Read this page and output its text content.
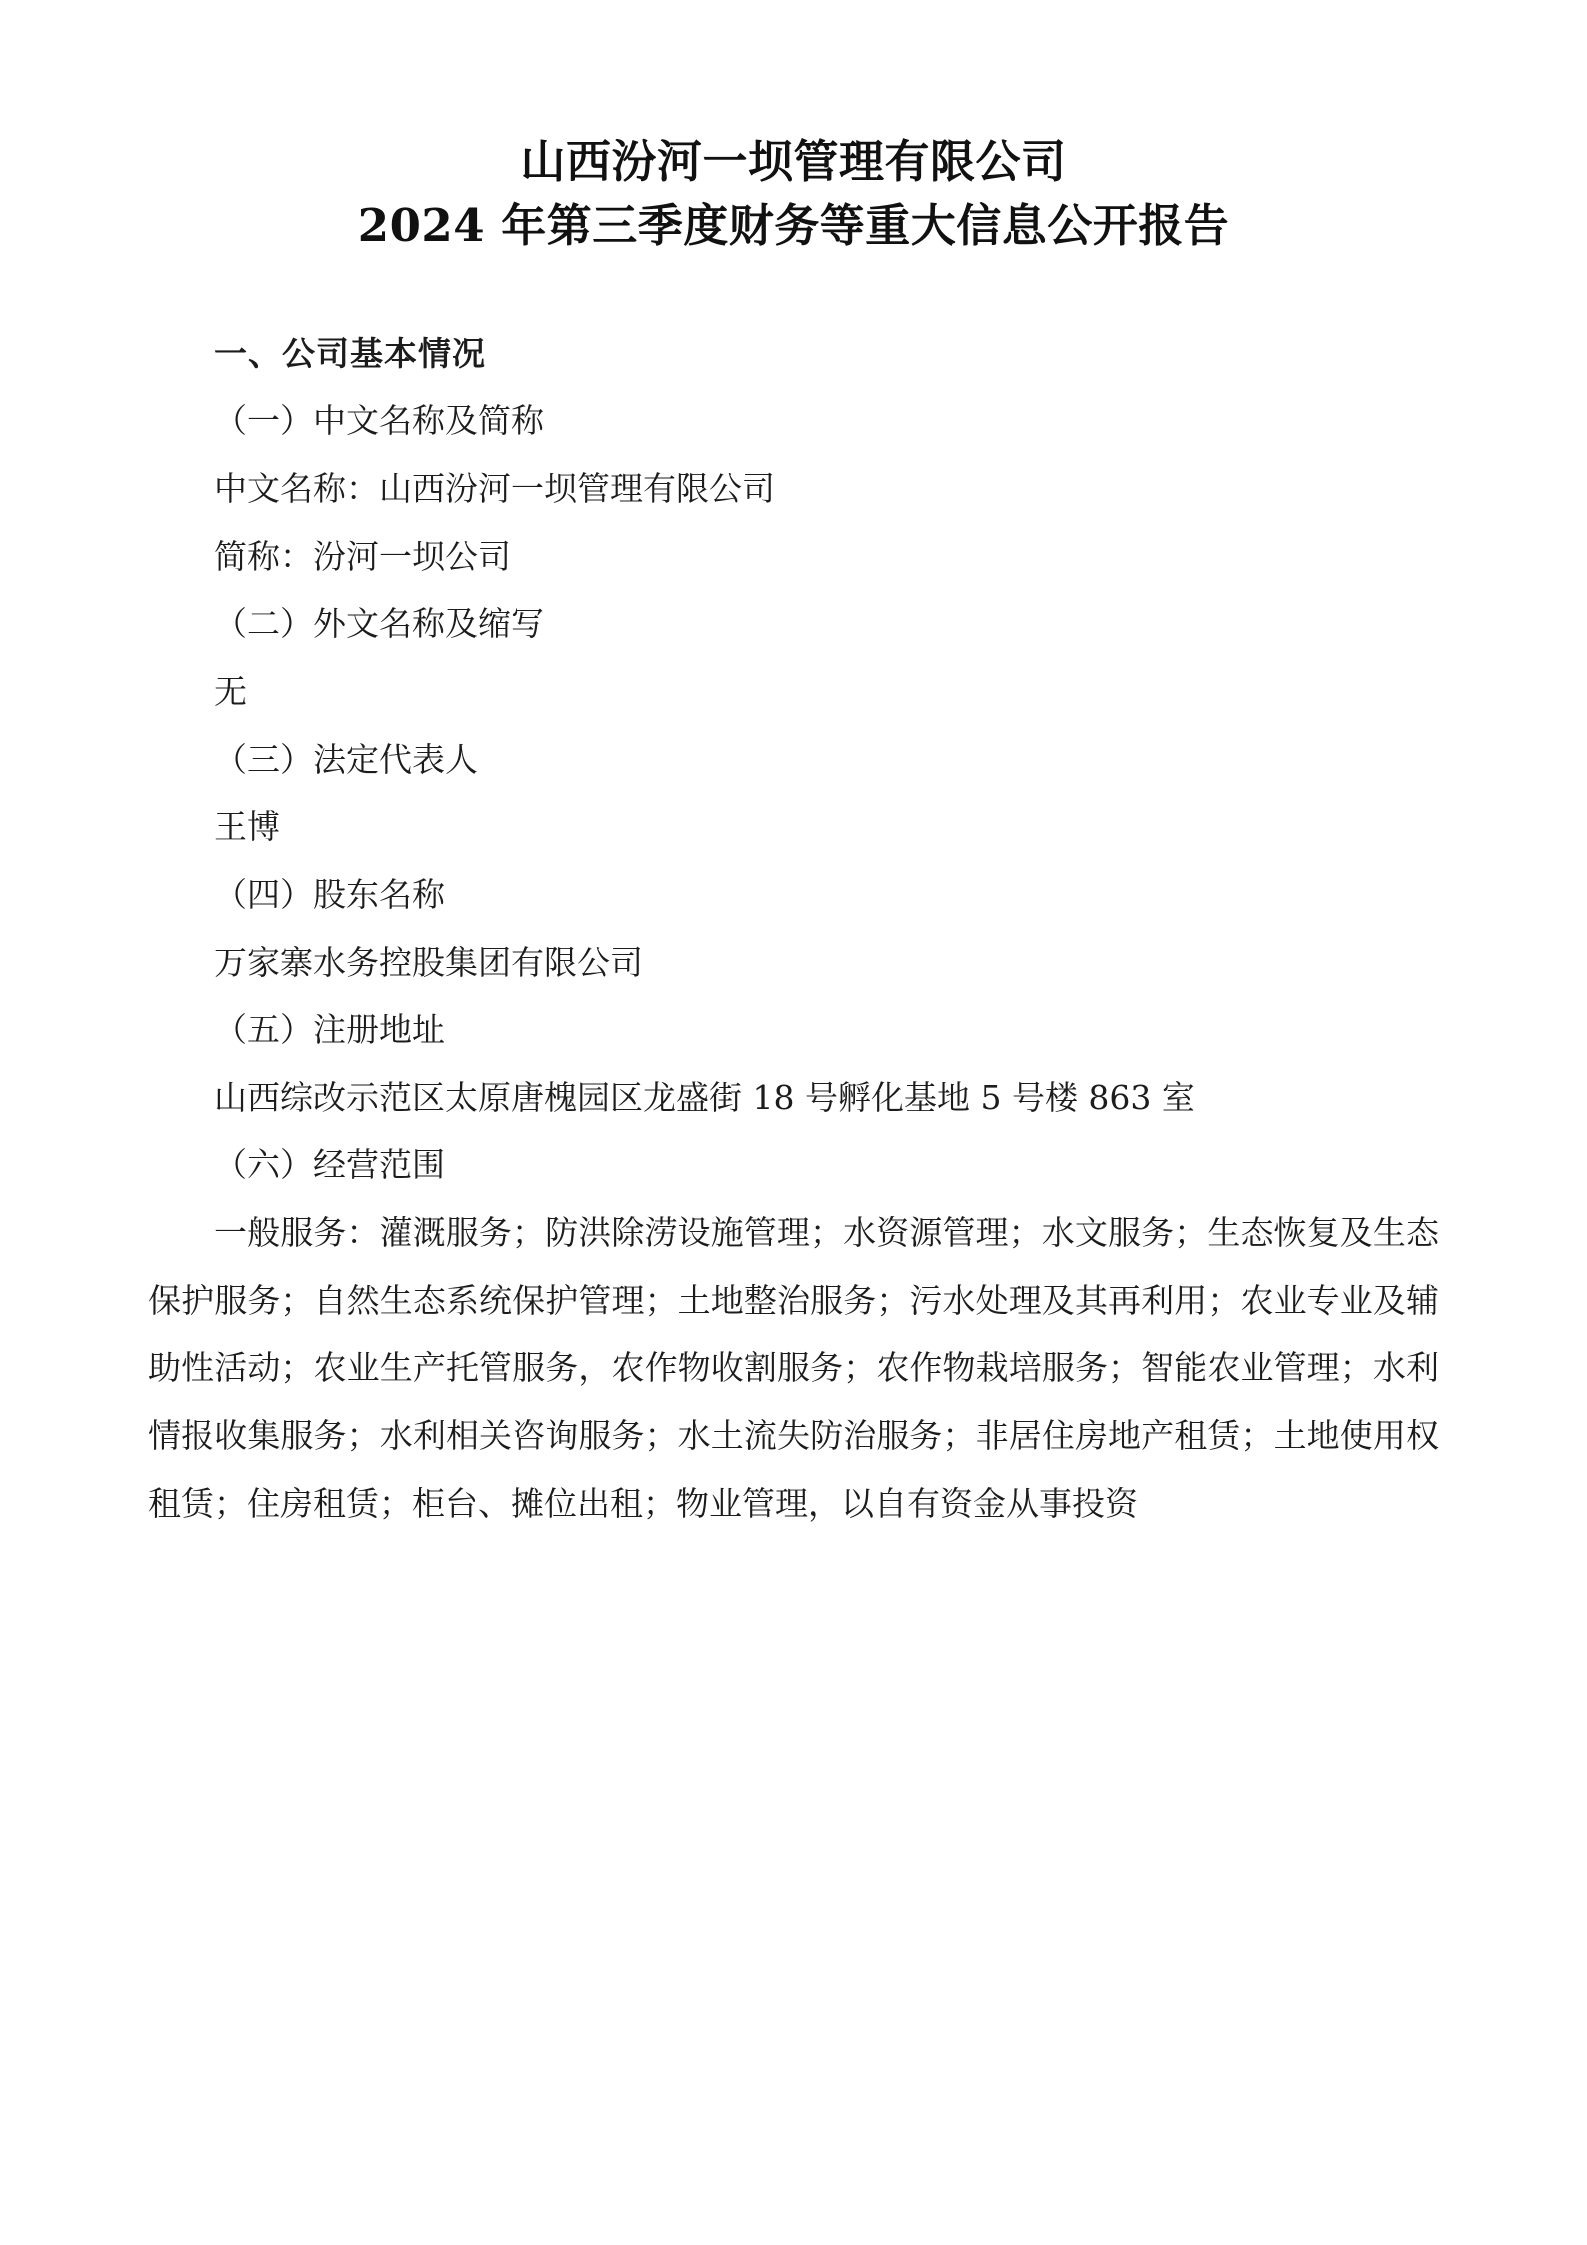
山西汾河一坝管理有限公司
2024 年第三季度财务等重大信息公开报告

一、公司基本情况

（一）中文名称及简称

中文名称：山西汾河一坝管理有限公司

简称：汾河一坝公司

（二）外文名称及缩写

无

（三）法定代表人

王博

（四）股东名称

万家寨水务控股集团有限公司

（五）注册地址

山西综改示范区太原唐槐园区龙盛街 18 号孵化基地 5 号楼 863 室

（六）经营范围

一般服务：灌溉服务；防洪除涝设施管理；水资源管理；水文服务；生态恢复及生态保护服务；自然生态系统保护管理；土地整治服务；污水处理及其再利用；农业专业及辅助性活动；农业生产托管服务，农作物收割服务；农作物栽培服务；智能农业管理；水利情报收集服务；水利相关咨询服务；水土流失防治服务；非居住房地产租赁；土地使用权租赁；住房租赁；柜台、摊位出租；物业管理，以自有资金从事投资
